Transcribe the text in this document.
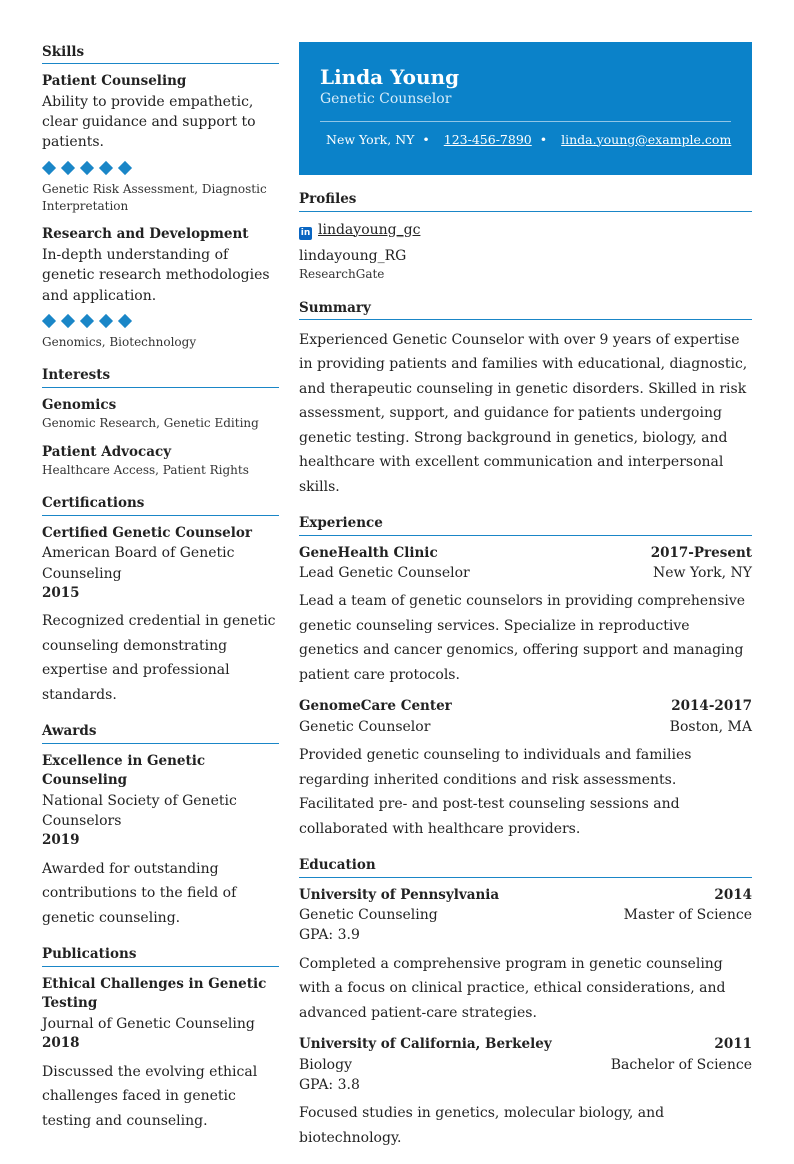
Skills
Patient Counseling
Ability to provide empathetic, clear guidance and support to patients.
Genetic Risk Assessment, Diagnostic Interpretation
Research and Development
In-depth understanding of genetic research methodologies and application.
Genomics, Biotechnology
Interests
Genomics
Genomic Research, Genetic Editing
Patient Advocacy
Healthcare Access, Patient Rights
Certifications
Certified Genetic Counselor
American Board of Genetic Counseling
2015
Recognized credential in genetic counseling demonstrating expertise and professional standards.
Awards
Excellence in Genetic Counseling
National Society of Genetic Counselors
2019
Awarded for outstanding contributions to the field of genetic counseling.
Publications
Ethical Challenges in Genetic Testing
Journal of Genetic Counseling
2018
Discussed the evolving ethical challenges faced in genetic testing and counseling.
Linda Young
Genetic Counselor
New York, NY • 123-456-7890 • linda.young@example.com
Profiles
in lindayoung_gc
lindayoung_RG
ResearchGate
Summary
Experienced Genetic Counselor with over 9 years of expertise in providing patients and families with educational, diagnostic, and therapeutic counseling in genetic disorders. Skilled in risk assessment, support, and guidance for patients undergoing genetic testing. Strong background in genetics, biology, and healthcare with excellent communication and interpersonal skills.
Experience
GeneHealth Clinic	2017-Present
Lead Genetic Counselor	New York, NY
Lead a team of genetic counselors in providing comprehensive genetic counseling services. Specialize in reproductive genetics and cancer genomics, offering support and managing patient care protocols.
GenomeCare Center	2014-2017
Genetic Counselor	Boston, MA
Provided genetic counseling to individuals and families regarding inherited conditions and risk assessments. Facilitated pre- and post-test counseling sessions and collaborated with healthcare providers.
Education
University of Pennsylvania	2014
Genetic Counseling	Master of Science
GPA: 3.9
Completed a comprehensive program in genetic counseling with a focus on clinical practice, ethical considerations, and advanced patient-care strategies.
University of California, Berkeley	2011
Biology	Bachelor of Science
GPA: 3.8
Focused studies in genetics, molecular biology, and biotechnology.
